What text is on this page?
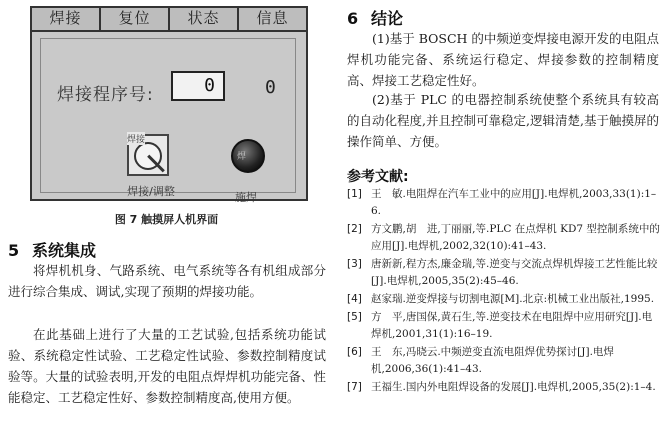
焊接	复位	状态	信息
焊接程序号:	0	0
焊接
焊接/调整
焊
施焊
图 7 触摸屏人机界面
5 系统集成
将焊机机身、气路系统、电气系统等各有机组成部分进行综合集成、调试,实现了预期的焊接功能。
在此基础上进行了大量的工艺试验,包括系统功能试验、系统稳定性试验、工艺稳定性试验、参数控制精度试验等。大量的试验表明,开发的电阻点焊焊机功能完备、性能稳定、工艺稳定性好、参数控制精度高,使用方便。
6 结论
(1)基于 BOSCH 的中频逆变焊接电源开发的电阻点焊机功能完备、系统运行稳定、焊接参数的控制精度高、焊接工艺稳定性好。
(2)基于 PLC 的电器控制系统使整个系统具有较高的自动化程度,并且控制可靠稳定,逻辑清楚,基于触摸屏的操作简单、方便。
参考文献:
[1] 王　敏.电阻焊在汽车工业中的应用[J].电焊机,2003,33(1):1–6.
[2] 方文鹏,胡　进,丁丽丽,等.PLC 在点焊机 KD7 型控制系统中的应用[J].电焊机,2002,32(10):41–43.
[3] 唐新新,程方杰,廉金瑞,等.逆变与交流点焊机焊接工艺性能比较[J].电焊机,2005,35(2):45–46.
[4] 赵家瑞.逆变焊接与切割电源[M].北京:机械工业出版社,1995.
[5] 方　平,唐国保,黄石生,等.逆变技术在电阻焊中应用研究[J].电焊机,2001,31(1):16–19.
[6] 王　东,冯晓云.中频逆变直流电阻焊优势探讨[J].电焊机,2006,36(1):41–43.
[7] 王福生.国内外电阻焊设备的发展[J].电焊机,2005,35(2):1–4.
